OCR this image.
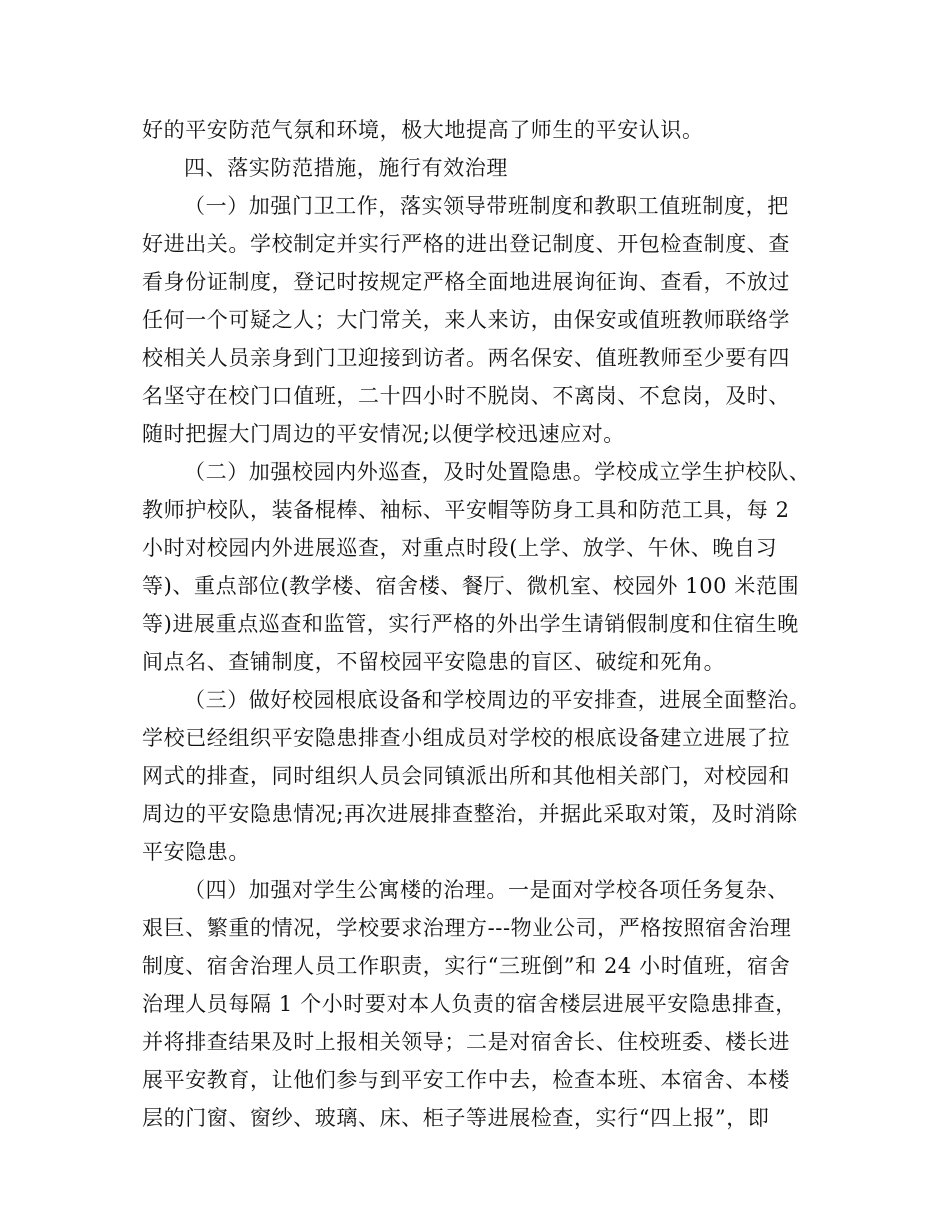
好的平安防范气氛和环境，极大地提高了师生的平安认识。
四、落实防范措施，施行有效治理
（一）加强门卫工作，落实领导带班制度和教职工值班制度，把
好进出关。学校制定并实行严格的进出登记制度、开包检查制度、查
看身份证制度，登记时按规定严格全面地进展询征询、查看，不放过
任何一个可疑之人；大门常关，来人来访，由保安或值班教师联络学
校相关人员亲身到门卫迎接到访者。两名保安、值班教师至少要有四
名坚守在校门口值班，二十四小时不脱岗、不离岗、不怠岗，及时、
随时把握大门周边的平安情况;以便学校迅速应对。
（二）加强校园内外巡查，及时处置隐患。学校成立学生护校队、
教师护校队，装备棍棒、袖标、平安帽等防身工具和防范工具，每 2
小时对校园内外进展巡查，对重点时段(上学、放学、午休、晚自习
等)、重点部位(教学楼、宿舍楼、餐厅、微机室、校园外 100 米范围
等)进展重点巡查和监管，实行严格的外出学生请销假制度和住宿生晚
间点名、查铺制度，不留校园平安隐患的盲区、破绽和死角。
（三）做好校园根底设备和学校周边的平安排查，进展全面整治。
学校已经组织平安隐患排查小组成员对学校的根底设备建立进展了拉
网式的排查，同时组织人员会同镇派出所和其他相关部门，对校园和
周边的平安隐患情况;再次进展排查整治，并据此采取对策，及时消除
平安隐患。
（四）加强对学生公寓楼的治理。一是面对学校各项任务复杂、
艰巨、繁重的情况，学校要求治理方---物业公司，严格按照宿舍治理
制度、宿舍治理人员工作职责，实行“三班倒”和 24 小时值班，宿舍
治理人员每隔 1 个小时要对本人负责的宿舍楼层进展平安隐患排查，
并将排查结果及时上报相关领导；二是对宿舍长、住校班委、楼长进
展平安教育，让他们参与到平安工作中去，检查本班、本宿舍、本楼
层的门窗、窗纱、玻璃、床、柜子等进展检查，实行“四上报”，即
